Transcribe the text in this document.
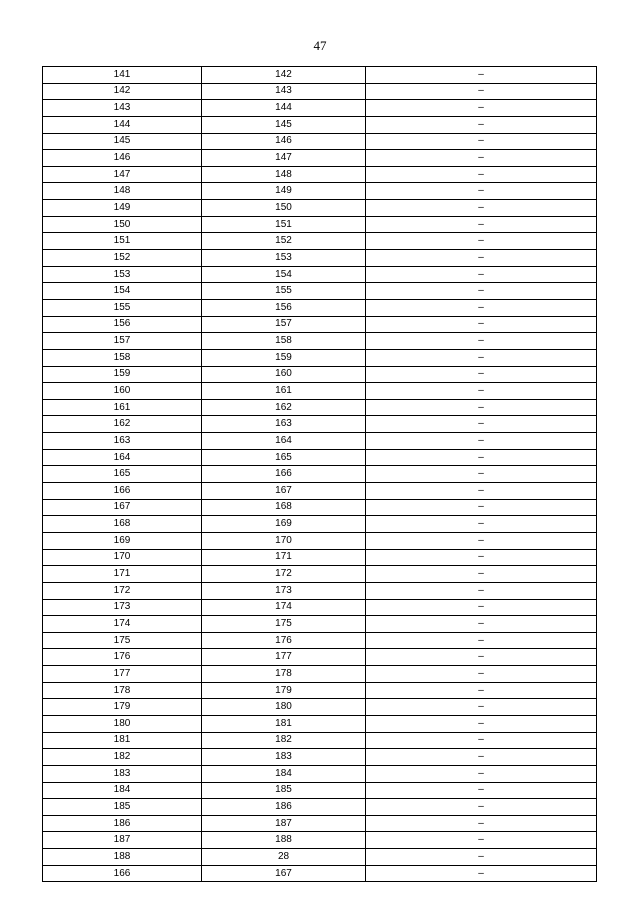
47
141	142	–
142	143	–
143	144	–
144	145	–
145	146	–
146	147	–
147	148	–
148	149	–
149	150	–
150	151	–
151	152	–
152	153	–
153	154	–
154	155	–
155	156	–
156	157	–
157	158	–
158	159	–
159	160	–
160	161	–
161	162	–
162	163	–
163	164	–
164	165	–
165	166	–
166	167	–
167	168	–
168	169	–
169	170	–
170	171	–
171	172	–
172	173	–
173	174	–
174	175	–
175	176	–
176	177	–
177	178	–
178	179	–
179	180	–
180	181	–
181	182	–
182	183	–
183	184	–
184	185	–
185	186	–
186	187	–
187	188	–
188	28	–
166	167	–
